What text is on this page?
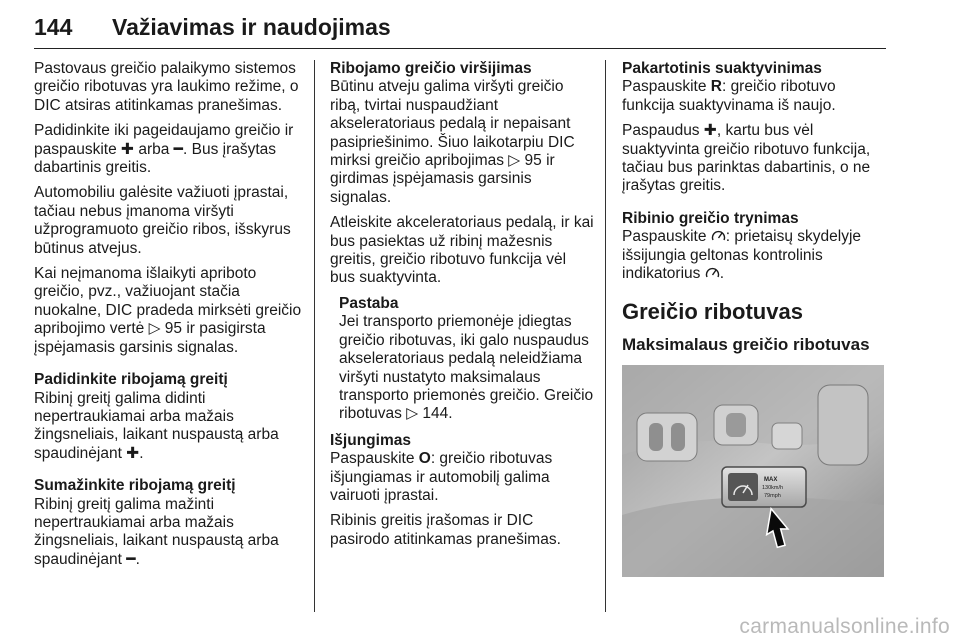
144 Važiavimas ir naudojimas

Pastovaus greičio palaikymo sistemos greičio ribotuvas yra laukimo režime, o DIC atsiras atitinkamas pranešimas.

Padidinkite iki pageidaujamo greičio ir paspauskite ✚ arba ━. Bus įrašytas dabartinis greitis.

Automobiliu galėsite važiuoti įprastai, tačiau nebus įmanoma viršyti užprogramuoto greičio ribos, išskyrus būtinus atvejus.

Kai neįmanoma išlaikyti apriboto greičio, pvz., važiuojant stačia nuokalne, DIC pradeda mirksėti greičio apribojimo vertė ▷ 95 ir pasigirsta įspėjamasis garsinis signalas.

Padidinkite ribojamą greitį

Ribinį greitį galima didinti nepertraukiamai arba mažais žingsneliais, laikant nuspaustą arba spaudinėjant ✚.

Sumažinkite ribojamą greitį

Ribinį greitį galima mažinti nepertraukiamai arba mažais žingsneliais, laikant nuspaustą arba spaudinėjant ━.

Ribojamo greičio viršijimas

Būtinu atveju galima viršyti greičio ribą, tvirtai nuspaudžiant akseleratoriaus pedalą ir nepaisant pasipriešinimo. Šiuo laikotarpiu DIC mirksi greičio apribojimas ▷ 95 ir girdimas įspėjamasis garsinis signalas.

Atleiskite akceleratoriaus pedalą, ir kai bus pasiektas už ribinį mažesnis greitis, greičio ribotuvo funkcija vėl bus suaktyvinta.

Pastaba

Jei transporto priemonėje įdiegtas greičio ribotuvas, iki galo nuspaudus akseleratoriaus pedalą neleidžiama viršyti nustatyto maksimalaus transporto priemonės greičio. Greičio ribotuvas ▷ 144.

Išjungimas

Paspauskite O: greičio ribotuvas išjungiamas ir automobilį galima vairuoti įprastai.

Ribinis greitis įrašomas ir DIC pasirodo atitinkamas pranešimas.

Pakartotinis suaktyvinimas

Paspauskite R: greičio ribotuvo funkcija suaktyvinama iš naujo.

Paspaudus ✚, kartu bus vėl suaktyvinta greičio ribotuvo funkcija, tačiau bus parinktas dabartinis, o ne įrašytas greitis.

Ribinio greičio trynimas

Paspauskite : prietaisų skydelyje išsijungia geltonas kontrolinis indikatorius .

Greičio ribotuvas
Maksimalaus greičio ribotuvas
MAX
130km/h
79mph
carmanualsonline.info
